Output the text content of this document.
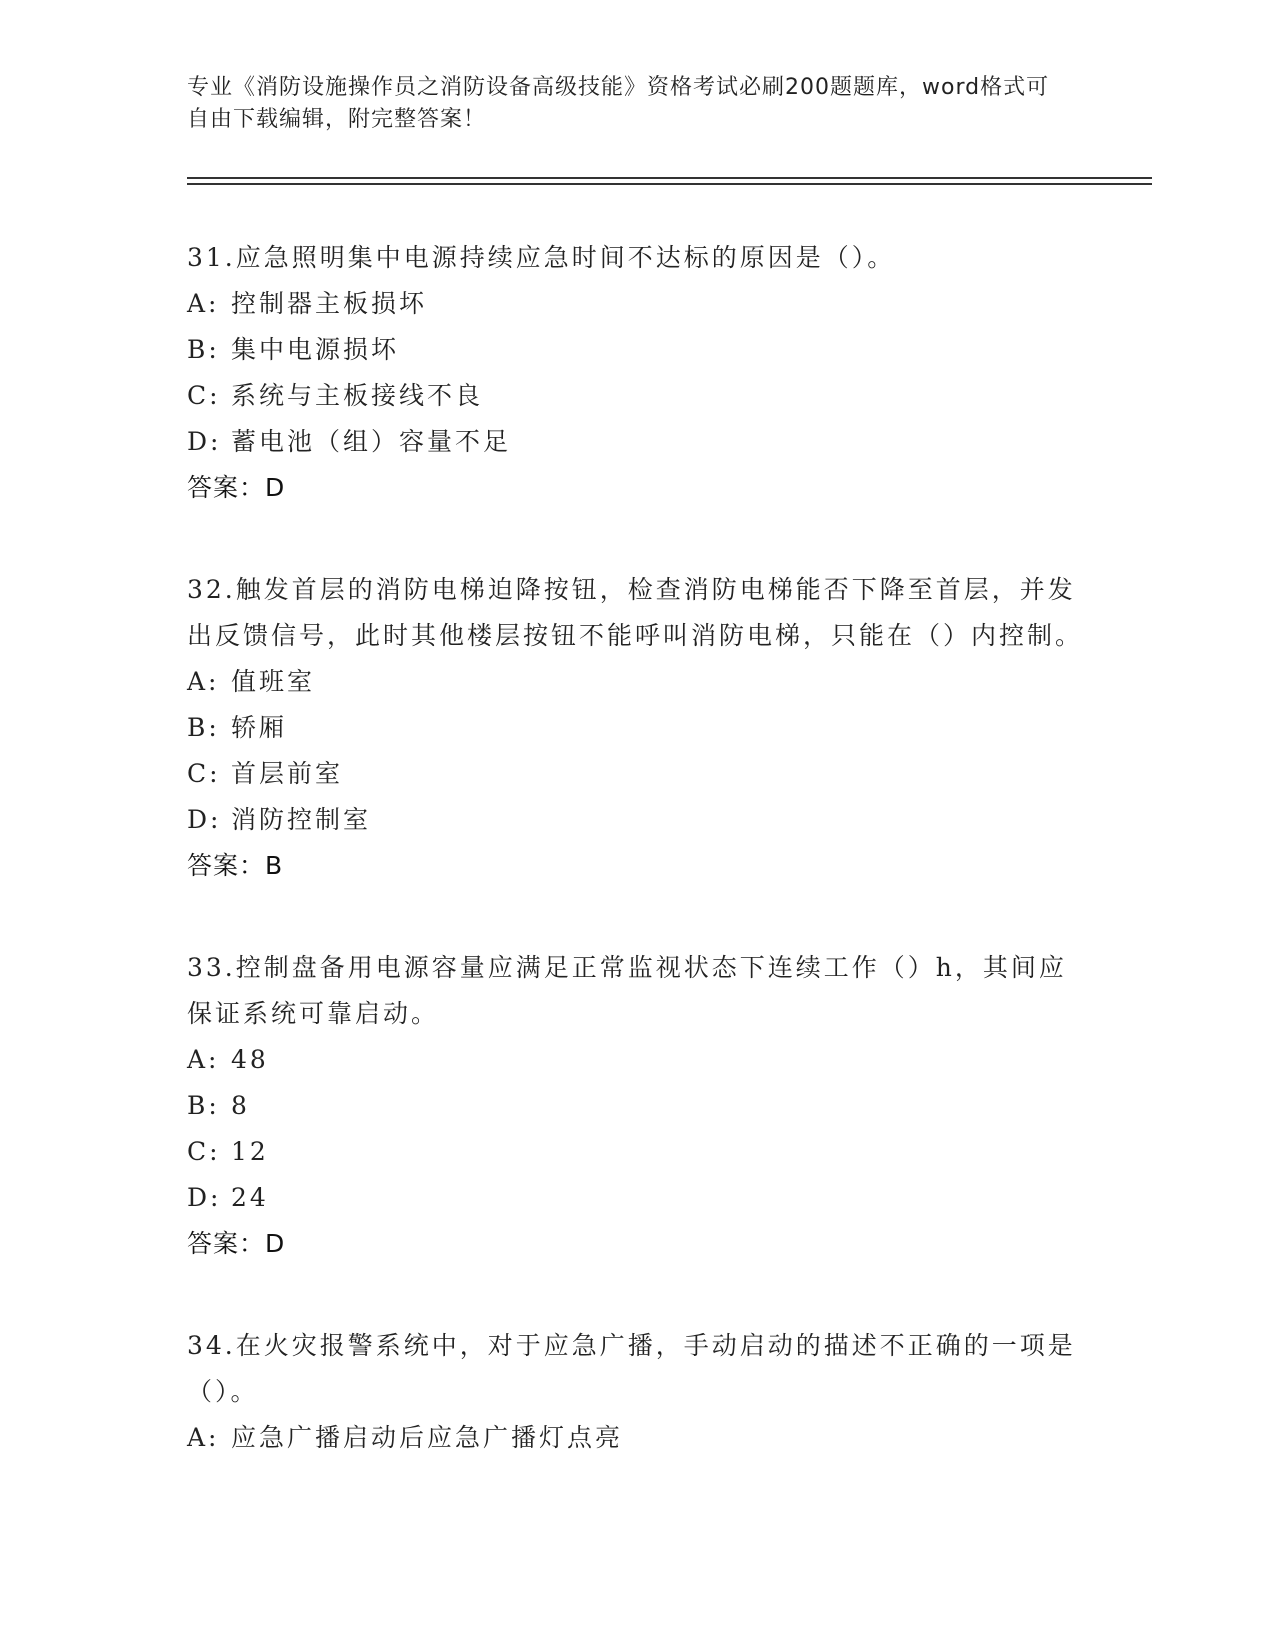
专业《消防设施操作员之消防设备高级技能》资格考试必刷200题题库，word格式可自由下载编辑，附完整答案！
31.应急照明集中电源持续应急时间不达标的原因是（）。
A: 控制器主板损坏
B: 集中电源损坏
C: 系统与主板接线不良
D: 蓄电池（组）容量不足
答案：D
32.触发首层的消防电梯迫降按钮，检查消防电梯能否下降至首层，并发出反馈信号，此时其他楼层按钮不能呼叫消防电梯，只能在（）内控制。
A: 值班室
B: 轿厢
C: 首层前室
D: 消防控制室
答案：B
33.控制盘备用电源容量应满足正常监视状态下连续工作（）h，其间应保证系统可靠启动。
A: 48
B: 8
C: 12
D: 24
答案：D
34.在火灾报警系统中，对于应急广播，手动启动的描述不正确的一项是（）。
A: 应急广播启动后应急广播灯点亮
